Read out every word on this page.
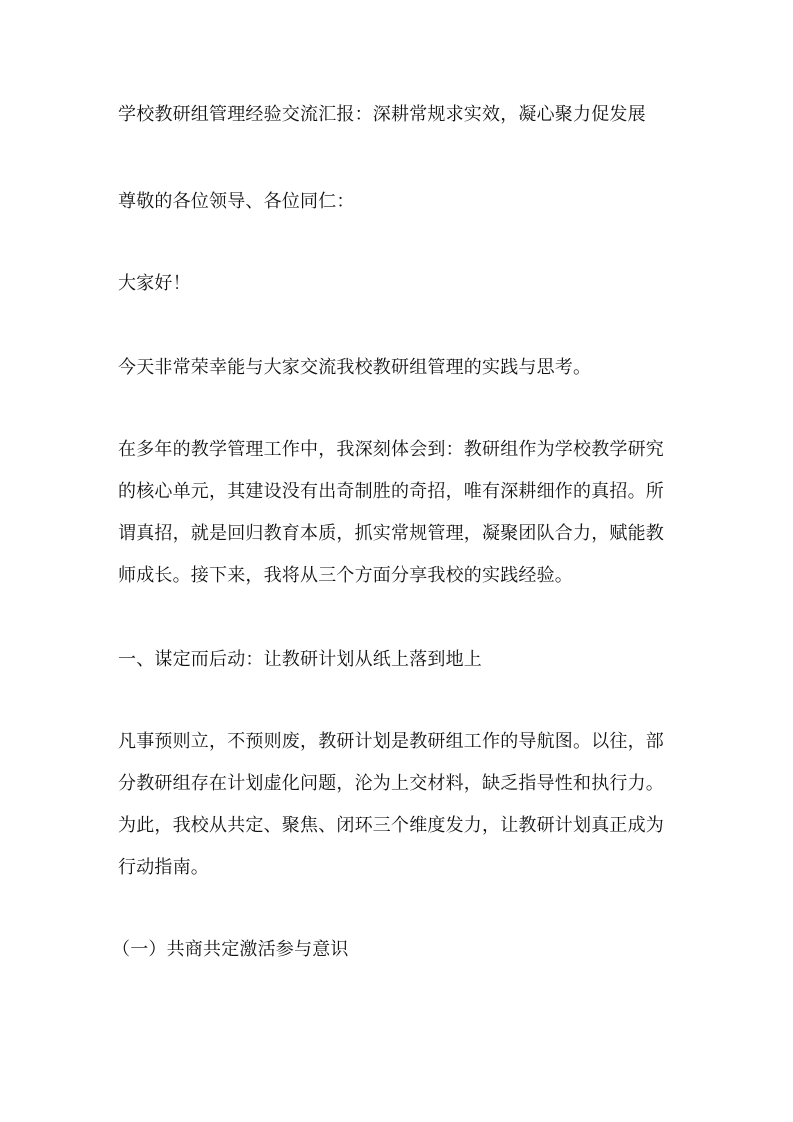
学校教研组管理经验交流汇报：深耕常规求实效，凝心聚力促发展
尊敬的各位领导、各位同仁：
大家好！
今天非常荣幸能与大家交流我校教研组管理的实践与思考。
在多年的教学管理工作中，我深刻体会到：教研组作为学校教学研究
的核心单元，其建设没有出奇制胜的奇招，唯有深耕细作的真招。所
谓真招，就是回归教育本质，抓实常规管理，凝聚团队合力，赋能教
师成长。接下来，我将从三个方面分享我校的实践经验。
一、谋定而后动：让教研计划从纸上落到地上
凡事预则立，不预则废，教研计划是教研组工作的导航图。以往，部
分教研组存在计划虚化问题，沦为上交材料，缺乏指导性和执行力。
为此，我校从共定、聚焦、闭环三个维度发力，让教研计划真正成为
行动指南。
（一）共商共定激活参与意识
